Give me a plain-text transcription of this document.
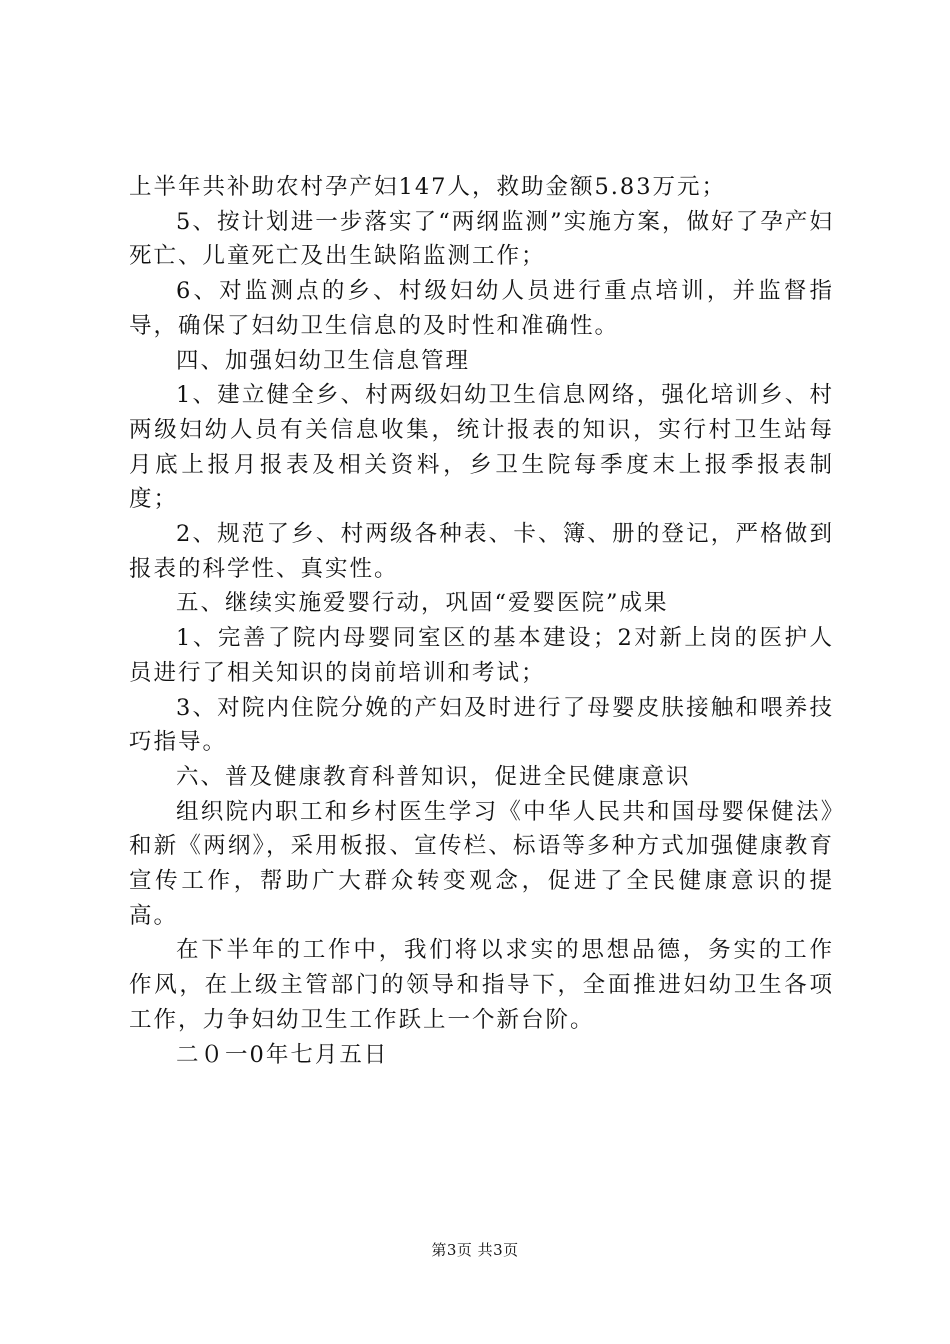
上半年共补助农村孕产妇147人，救助金额5.83万元；

5、按计划进一步落实了“两纲监测”实施方案，做好了孕产妇死亡、儿童死亡及出生缺陷监测工作；

6、对监测点的乡、村级妇幼人员进行重点培训，并监督指导，确保了妇幼卫生信息的及时性和准确性。

四、加强妇幼卫生信息管理

1、建立健全乡、村两级妇幼卫生信息网络，强化培训乡、村两级妇幼人员有关信息收集，统计报表的知识，实行村卫生站每月底上报月报表及相关资料，乡卫生院每季度末上报季报表制度；

2、规范了乡、村两级各种表、卡、簿、册的登记，严格做到报表的科学性、真实性。

五、继续实施爱婴行动，巩固“爱婴医院”成果

1、完善了院内母婴同室区的基本建设；2对新上岗的医护人员进行了相关知识的岗前培训和考试；

3、对院内住院分娩的产妇及时进行了母婴皮肤接触和喂养技巧指导。

六、普及健康教育科普知识，促进全民健康意识

组织院内职工和乡村医生学习《中华人民共和国母婴保健法》和新《两纲》，采用板报、宣传栏、标语等多种方式加强健康教育宣传工作，帮助广大群众转变观念，促进了全民健康意识的提高。

在下半年的工作中，我们将以求实的思想品德，务实的工作作风，在上级主管部门的领导和指导下，全面推进妇幼卫生各项工作，力争妇幼卫生工作跃上一个新台阶。

二０一0年七月五日

第3页 共3页
